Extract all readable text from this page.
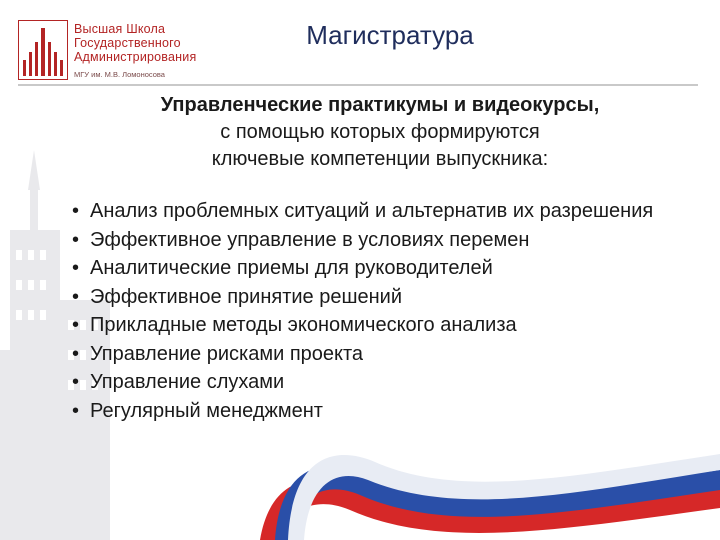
Высшая Школа
Государственного
Администрирования
МГУ им. М.В. Ломоносова
Магистратура
Управленческие практикумы и видеокурсы,
с помощью которых формируются
ключевые компетенции выпускника:
• Анализ проблемных ситуаций и альтернатив их разрешения
• Эффективное управление в условиях перемен
• Аналитические приемы для руководителей
• Эффективное принятие решений
• Прикладные методы экономического анализа
• Управление рисками проекта
• Управление слухами
• Регулярный менеджмент
